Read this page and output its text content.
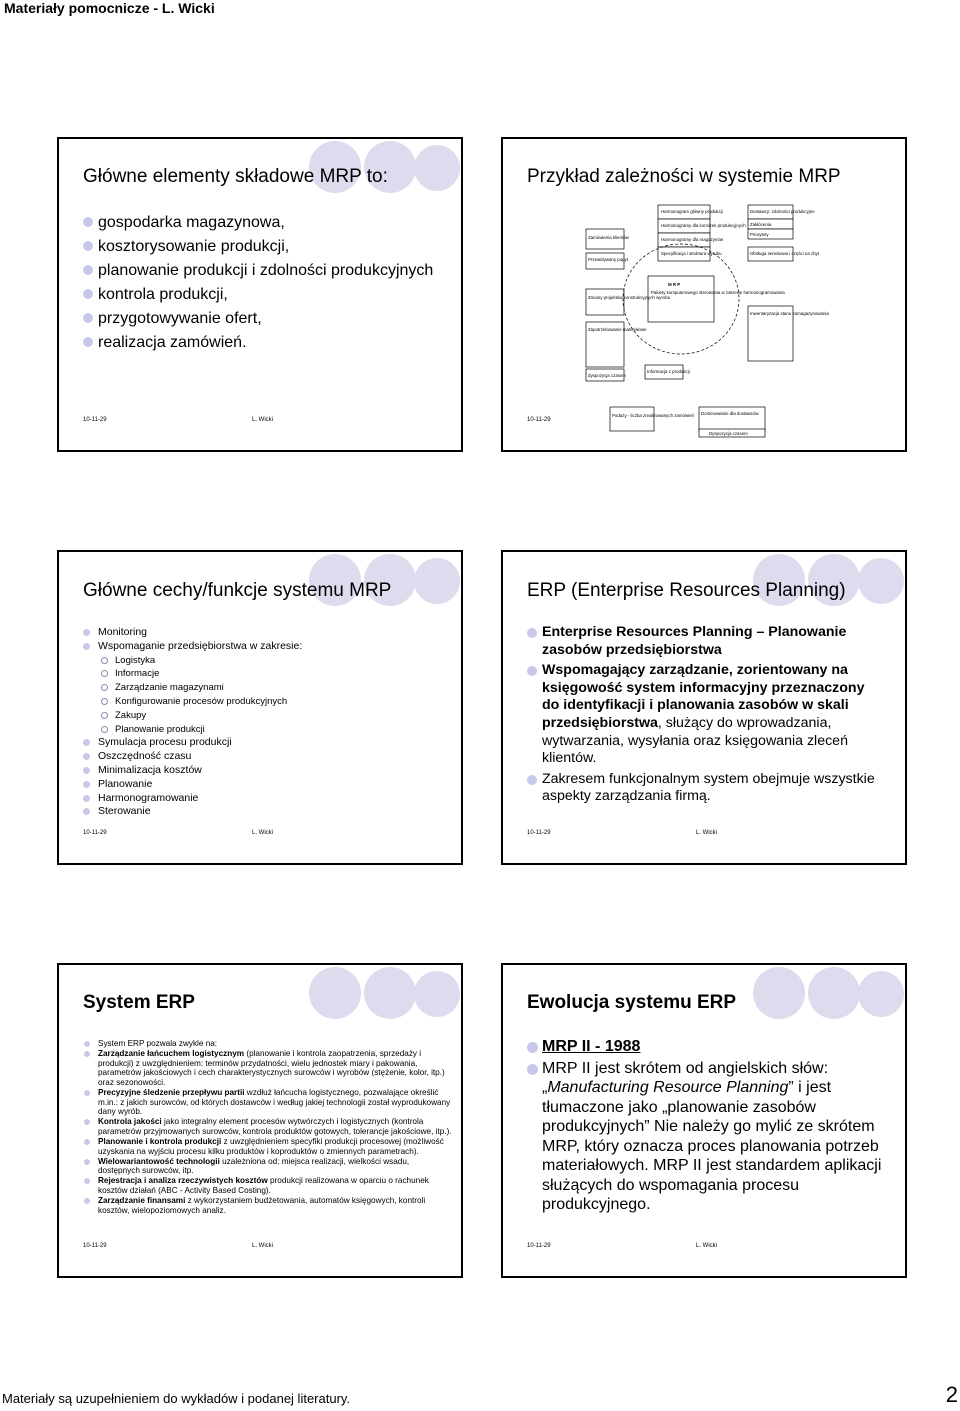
Materiały pomocnicze - L. Wicki
Główne elementy składowe MRP to:
gospodarka magazynowa,
kosztorysowanie produkcji,
planowanie produkcji i zdolności produkcyjnych
kontrola produkcji,
przygotowywanie ofert,
realizacja zamówień.
10-11-29	L. Wicki
Przykład zależności w systemie MRP
Harmonogram główny produkcji
Harmonogramy dla komórek produkcyjnych
Harmonogramy dla magazynów
Specyfikacja i struktura wyrobu
Zamówienia klientów
Przewidywany popyt
Zmiany projektów konstrukcyjnych wyrobu
Zapotrzebowanie materiałowe
dyspozycja czasem
Dostawcy: zdolności produkcyjne
Zakłócenia
Priorytety
Obsługa serwisowa i części na zbyt
Inwentaryzacja stanu zamagazynowania
M R P
Pakiety komputerowego sterowania w zakresie harmonogramowania
Informacja z produkcji
Podaży - liczba zrealizowanych zamówień Dostosowanie dla dostawców
Dyspozycja czasem
10-11-29
Główne cechy/funkcje systemu MRP
Monitoring
Wspomaganie przedsiębiorstwa w zakresie:
Logistyka
Informacje
Zarządzanie magazynami
Konfigurowanie procesów produkcyjnych
Zakupy
Planowanie produkcji
Symulacja procesu produkcji
Oszczędność czasu
Minimalizacja kosztów
Planowanie
Harmonogramowanie
Sterowanie
10-11-29	L. Wicki
ERP (Enterprise Resources Planning)
Enterprise Resources Planning – Planowanie zasobów przedsiębiorstwa
Wspomagający zarządzanie, zorientowany na księgowość system informacyjny przeznaczony do identyfikacji i planowania zasobów w skali przedsiębiorstwa, służący do wprowadzania, wytwarzania, wysyłania oraz księgowania zleceń klientów.
Zakresem funkcjonalnym system obejmuje wszystkie aspekty zarządzania firmą.
10-11-29	L. Wicki
System ERP
System ERP pozwala zwykle na:
Zarządzanie łańcuchem logistycznym (planowanie i kontrola zaopatrzenia, sprzedaży i produkcji) z uwzględnieniem: terminów przydatności, wielu jednostek miary i pakowania, parametrów jakościowych i cech charakterystycznych surowców i wyrobów (stężenie, kolor, itp.) oraz sezonowości.
Precyzyjne śledzenie przepływu partii wzdłuż łańcucha logistycznego, pozwalające określić m.in.: z jakich surowców, od których dostawców i według jakiej technologii został wyprodukowany dany wyrób.
Kontrola jakości jako integralny element procesów wytwórczych i logistycznych (kontrola parametrów przyjmowanych surowców, kontrola produktów gotowych, tolerancje jakościowe, itp.).
Planowanie i kontrola produkcji z uwzględnieniem specyfiki produkcji procesowej (możliwość uzyskania na wyjściu procesu kilku produktów i koproduktów o zmiennych parametrach).
Wielowariantowość technologii uzależniona od: miejsca realizacji, wielkości wsadu, dostępnych surowców, itp.
Rejestracja i analiza rzeczywistych kosztów produkcji realizowana w oparciu o rachunek kosztów działań (ABC - Activity Based Costing).
Zarządzanie finansami z wykorzystaniem budżetowania, automatów księgowych, kontroli kosztów, wielopoziomowych analiz.
10-11-29	L. Wicki
Ewolucja systemu ERP
MRP II - 1988
MRP II jest skrótem od angielskich słów: „Manufacturing Resource Planning” i jest tłumaczone jako „planowanie zasobów produkcyjnych” Nie należy go mylić ze skrótem MRP, który oznacza proces planowania potrzeb materiałowych. MRP II jest standardem aplikacji służących do wspomagania procesu produkcyjnego.
10-11-29	L. Wicki
Materiały są uzupełnieniem do wykładów i podanej literatury.	2
